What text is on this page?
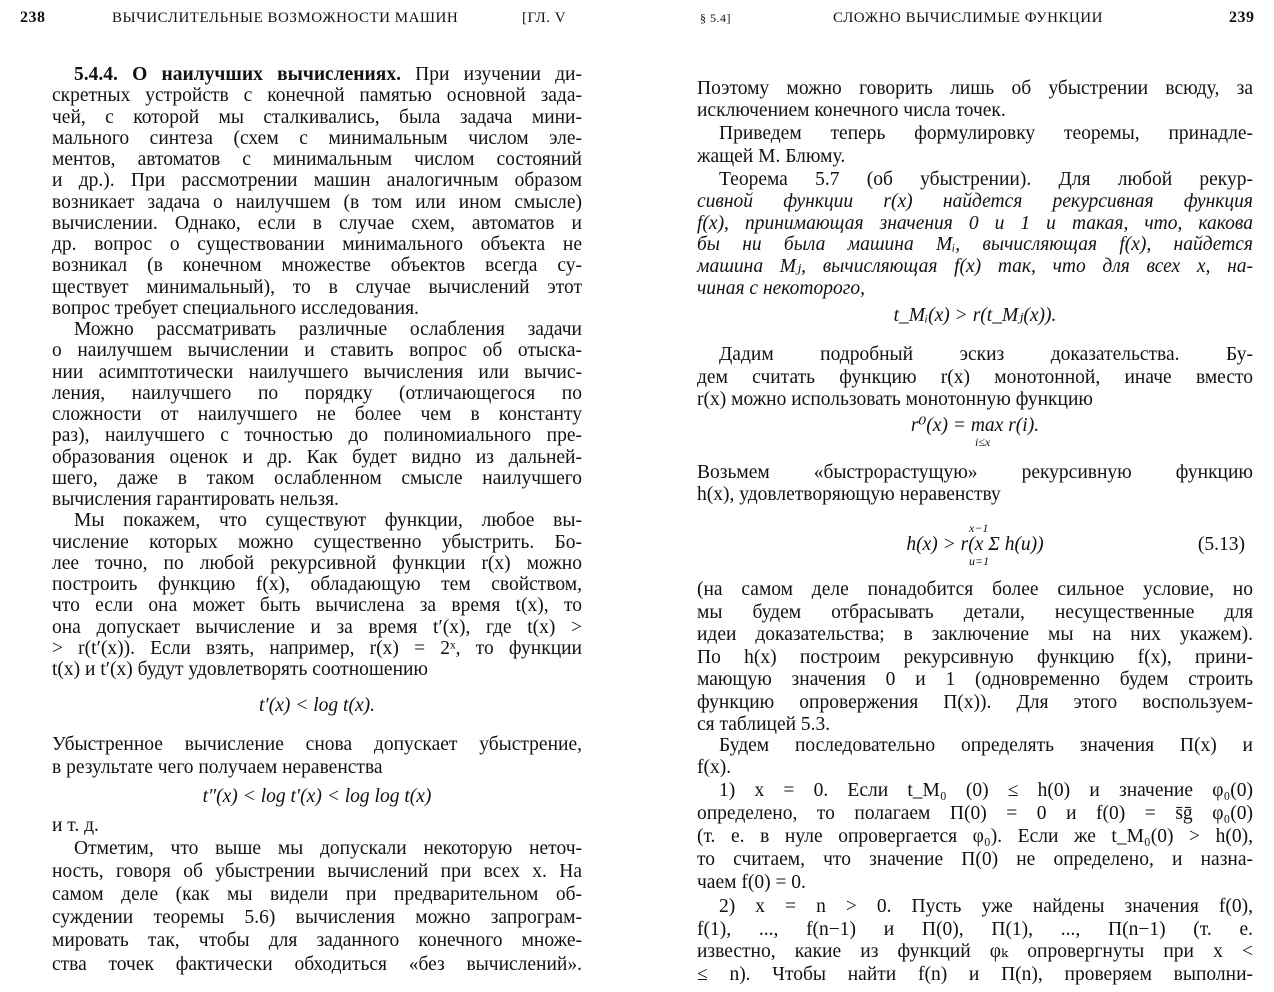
238	ВЫЧИСЛИТЕЛЬНЫЕ ВОЗМОЖНОСТИ МАШИН	[ГЛ. V
5.4.4. О наилучших вычислениях. При изучении ди-
скретных устройств с конечной памятью основной зада-
чей, с которой мы сталкивались, была задача мини-
мального синтеза (схем с минимальным числом эле-
ментов, автоматов с минимальным числом состояний
и др.). При рассмотрении машин аналогичным образом
возникает задача о наилучшем (в том или ином смысле)
вычислении. Однако, если в случае схем, автоматов и
др. вопрос о существовании минимального объекта не
возникал (в конечном множестве объектов всегда су-
ществует минимальный), то в случае вычислений этот
вопрос требует специального исследования.
Можно рассматривать различные ослабления задачи
о наилучшем вычислении и ставить вопрос об отыска-
нии асимптотически наилучшего вычисления или вычис-
ления, наилучшего по порядку (отличающегося по
сложности от наилучшего не более чем в константу
раз), наилучшего с точностью до полиномиального пре-
образования оценок и др. Как будет видно из дальней-
шего, даже в таком ослабленном смысле наилучшего
вычисления гарантировать нельзя.
Мы покажем, что существуют функции, любое вы-
числение которых можно существенно убыстрить. Бо-
лее точно, по любой рекурсивной функции r(x) можно
построить функцию f(x), обладающую тем свойством,
что если она может быть вычислена за время t(x), то
она допускает вычисление и за время t′(x), где t(x) >
> r(t′(x)). Если взять, например, r(x) = 2ˣ, то функции
t(x) и t′(x) будут удовлетворять соотношению
t′(x) < log t(x).
Убыстренное вычисление снова допускает убыстрение,
в результате чего получаем неравенства
t″(x) < log t′(x) < log log t(x)
и т. д.
Отметим, что выше мы допускали некоторую неточ-
ность, говоря об убыстрении вычислений при всех x. На
самом деле (как мы видели при предварительном об-
суждении теоремы 5.6) вычисления можно запрограм-
мировать так, чтобы для заданного конечного множе-
ства точек фактически обходиться «без вычислений».
§ 5.4]	СЛОЖНО ВЫЧИСЛИМЫЕ ФУНКЦИИ	239
Поэтому можно говорить лишь об убыстрении всюду, за
исключением конечного числа точек.
Приведем теперь формулировку теоремы, принадле-
жащей М. Блюму.
Теорема 5.7 (об убыстрении). Для любой рекур-
сивной функции r(x) найдется рекурсивная функция
f(x), принимающая значения 0 и 1 и такая, что, какова
бы ни была машина Mᵢ, вычисляющая f(x), найдется
машина Mⱼ, вычисляющая f(x) так, что для всех x, на-
чиная с некоторого,
t_Mᵢ(x) > r(t_Mⱼ(x)).
Дадим подробный эскиз доказательства. Бу-
дем считать функцию r(x) монотонной, иначе вместо
r(x) можно использовать монотонную функцию
r⁰(x) = max r(i).
i≤x
Возьмем «быстрорастущую» рекурсивную функцию
h(x), удовлетворяющую неравенству
h(x) > r(x Σ h(u))
u=1
x−1
(5.13)
(на самом деле понадобится более сильное условие, но
мы будем отбрасывать детали, несущественные для
идеи доказательства; в заключение мы на них укажем).
По h(x) построим рекурсивную функцию f(x), прини-
мающую значения 0 и 1 (одновременно будем строить
функцию опровержения П(x)). Для этого воспользуем-
ся таблицей 5.3.
Будем последовательно определять значения П(x) и
f(x).
1) x = 0. Если t_M₀ (0) ≤ h(0) и значение φ₀(0)
определено, то полагаем П(0) = 0 и f(0) = s̄ḡ φ₀(0)
(т. е. в нуле опровергается φ₀). Если же t_M₀(0) > h(0),
то считаем, что значение П(0) не определено, и назна-
чаем f(0) = 0.
2) x = n > 0. Пусть уже найдены значения f(0),
f(1), ..., f(n−1) и П(0), П(1), ..., П(n−1) (т. е.
известно, какие из функций φₖ опровергнуты при x <
≤ n). Чтобы найти f(n) и П(n), проверяем выполни-
